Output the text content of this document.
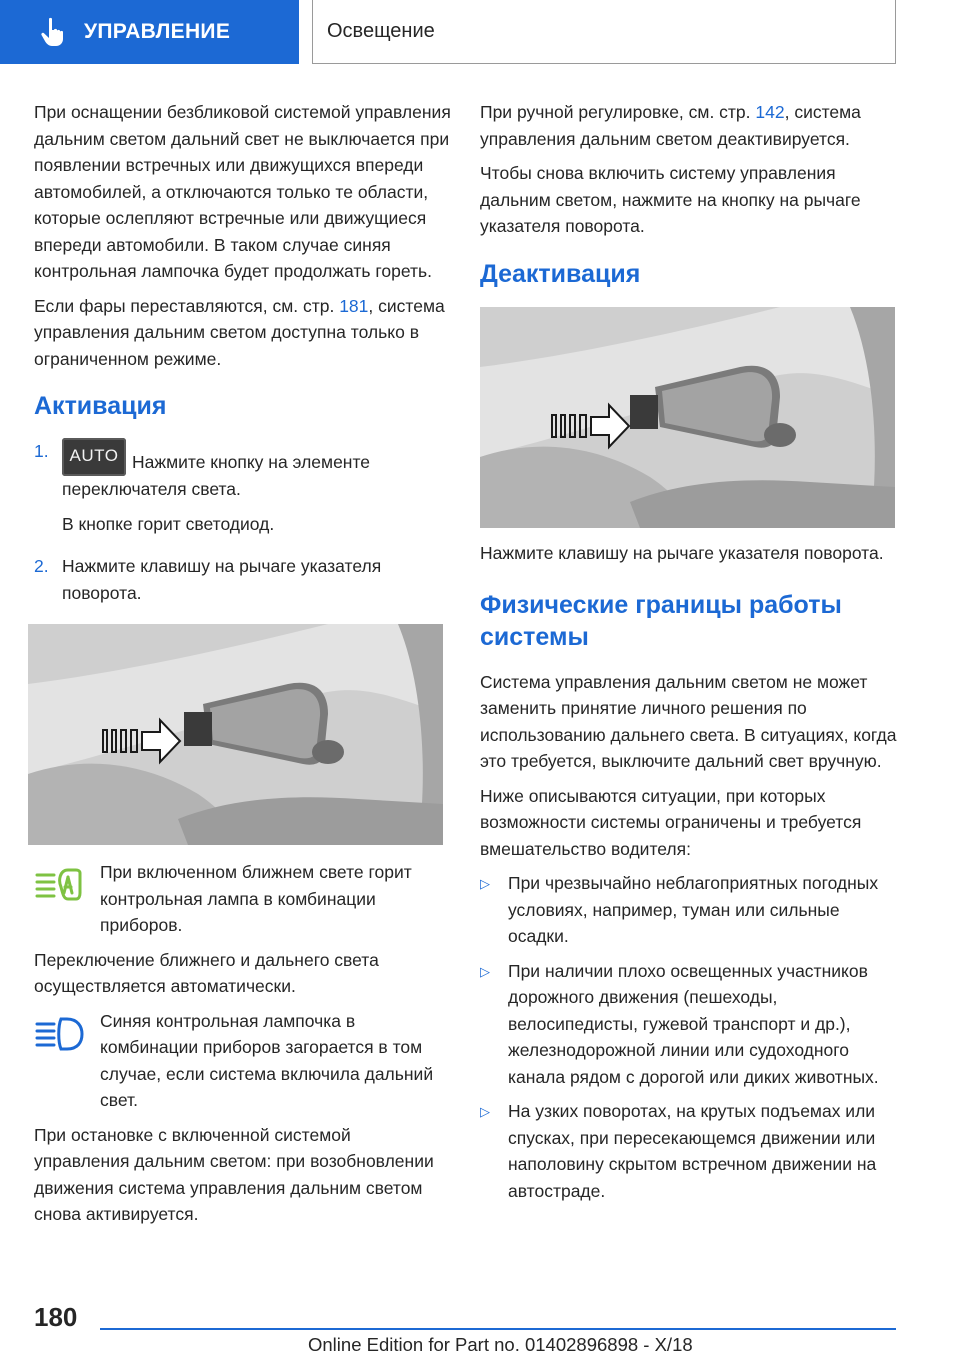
УПРАВЛЕНИЕ	Освещение

При оснащении безбликовой системой управления дальним светом дальний свет не выключается при появлении встречных или движущихся впереди автомобилей, а отключаются только те области, которые ослепляют встречные или движущиеся впереди автомобили. В таком случае синяя контрольная лампочка будет продолжать гореть.

Если фары переставляются, см. стр. 181, система управления дальним светом доступна только в ограниченном режиме.

Активация
1.	AUTO Нажмите кнопку на элементе переключателя света.

В кнопке горит светодиод.

2. Нажмите клавишу на рычаге указателя поворота.

При включенном ближнем свете горит контрольная лампа в комбинации приборов.

Переключение ближнего и дальнего света осуществляется автоматически.

Синяя контрольная лампочка в комбинации приборов загорается в том случае, если система включила дальний свет.

При остановке с включенной системой управления дальним светом: при возобновлении движения система управления дальним светом снова активируется.

При ручной регулировке, см. стр. 142, система управления дальним светом деактивируется.

Чтобы снова включить систему управления дальним светом, нажмите на кнопку на рычаге указателя поворота.

Деактивация

Нажмите клавишу на рычаге указателя поворота.

Физические границы работы системы

Система управления дальним светом не может заменить принятие личного решения по использованию дальнего света. В ситуациях, когда это требуется, выключите дальний свет вручную.

Ниже описываются ситуации, при которых возможности системы ограничены и требуется вмешательство водителя:

▷	При чрезвычайно неблагоприятных погодных условиях, например, туман или сильные осадки.
▷	При наличии плохо освещенных участников дорожного движения (пешеходы, велосипедисты, гужевой транспорт и др.), железнодорожной линии или судоходного канала рядом с дорогой или диких животных.
▷	На узких поворотах, на крутых подъемах или спусках, при пересекающемся движении или наполовину скрытом встречном движении на автостраде.
180
Online Edition for Part no. 01402896898 - X/18
